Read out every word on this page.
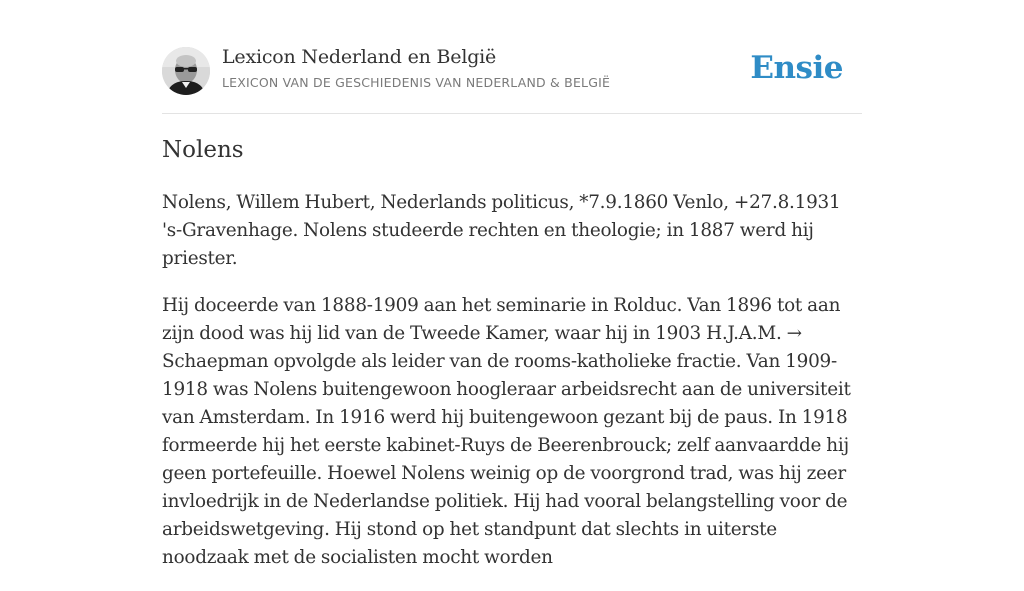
Lexicon Nederland en België
LEXICON VAN DE GESCHIEDENIS VAN NEDERLAND & BELGIË	Ensie
Nolens

Nolens, Willem Hubert, Nederlands politicus, *7.9.1860 Venlo, +27.8.1931 's-Gravenhage. Nolens studeerde rechten en theologie; in 1887 werd hij priester.

Hij doceerde van 1888-1909 aan het seminarie in Rolduc. Van 1896 tot aan zijn dood was hij lid van de Tweede Kamer, waar hij in 1903 H.J.A.M. → Schaepman opvolgde als leider van de rooms-katholieke fractie. Van 1909-1918 was Nolens buitengewoon hoogleraar arbeidsrecht aan de universiteit van Amsterdam. In 1916 werd hij buitengewoon gezant bij de paus. In 1918 formeerde hij het eerste kabinet-Ruys de Beerenbrouck; zelf aanvaardde hij geen portefeuille. Hoewel Nolens weinig op de voorgrond trad, was hij zeer invloedrijk in de Nederlandse politiek. Hij had vooral belangstelling voor de arbeidswetgeving. Hij stond op het standpunt dat slechts in uiterste noodzaak met de socialisten mocht worden
